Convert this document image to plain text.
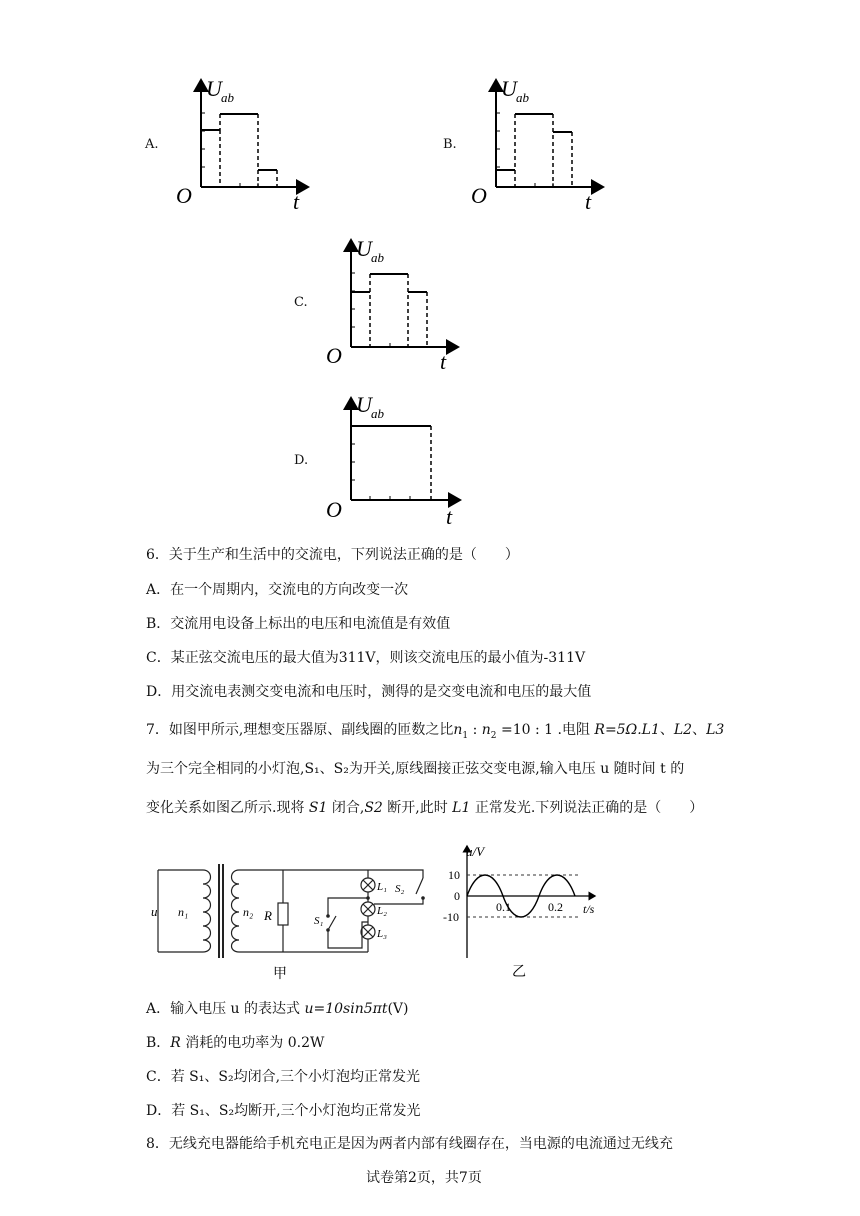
A.
U ab
O	t
B.
U ab
O	t
C.
U ab
O	t
D.
U ab
O	t
6．关于生产和生活中的交流电，下列说法正确的是（　　）
A．在一个周期内，交流电的方向改变一次
B．交流用电设备上标出的电压和电流值是有效值
C．某正弦交流电压的最大值为311V，则该交流电压的最小值为-311V
D．用交流电表测交变电流和电压时，测得的是交变电流和电压的最大值
7．如图甲所示,理想变压器原、副线圈的匝数之比$n_1$ : $n_2 =10$ : 1 .电阻 R=5Ω.L1、L2、L3
为三个完全相同的小灯泡,S₁、S₂为开关,原线圈接正弦交变电源,输入电压 u 随时间 t 的
变化关系如图乙所示.现将 S1 闭合,S2 断开,此时 L1 正常发光.下列说法正确的是（　　）
u n₁	n₂ R	S₁
S₂
L₁
L₂
L₃
甲
u/V
t/s
10
0
-10
0.1	0.2
乙
A．输入电压 u 的表达式 u=10sin5πt(V)
B．R 消耗的电功率为 0.2W
C．若 S₁、S₂均闭合,三个小灯泡均正常发光
D．若 S₁、S₂均断开,三个小灯泡均正常发光
8．无线充电器能给手机充电正是因为两者内部有线圈存在，当电源的电流通过无线充
试卷第2页，共7页
